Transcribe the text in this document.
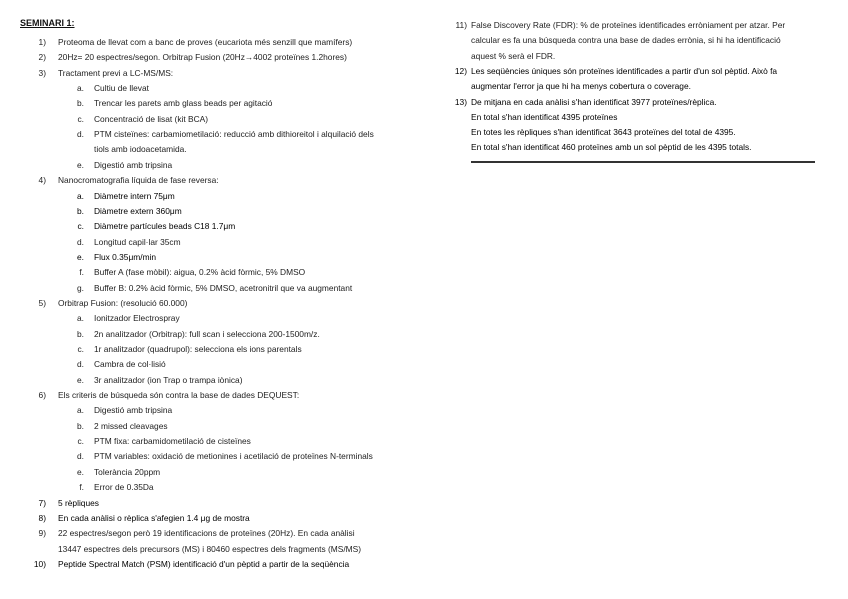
SEMINARI 1:
1) Proteoma de llevat com a banc de proves (eucariota més senzill que mamífers)
2) 20Hz= 20 espectres/segon. Orbitrap Fusion (20Hz→4002 proteïnes 1.2hores)
3) Tractament previ a LC-MS/MS:
a. Cultiu de llevat
b. Trencar les parets amb glass beads per agitació
c. Concentració de lisat (kit BCA)
d. PTM cisteïnes: carbamiometilació: reducció amb dithioreitol i alquilació dels
tiols amb iodoacetamida.
e. Digestió amb tripsina
4) Nanocromatografia líquida de fase reversa:
a. Diàmetre intern 75μm
b. Diàmetre extern 360μm
c. Diàmetre partícules beads C18 1.7μm
d. Longitud capil·lar 35cm
e. Flux 0.35μm/min
f. Buffer A (fase mòbil): aigua, 0.2% àcid fòrmic, 5% DMSO
g. Buffer B: 0.2% àcid fòrmic, 5% DMSO, acetronitril que va augmentant
5) Orbitrap Fusion: (resolució 60.000)
a. Ionitzador Electrospray
b. 2n analitzador (Orbitrap): full scan i selecciona 200-1500m/z.
c. 1r analitzador (quadrupol): selecciona els ions parentals
d. Cambra de col·lisió
e. 3r analitzador (ion Trap o trampa iònica)
6) Els criteris de búsqueda són contra la base de dades DEQUEST:
a. Digestió amb tripsina
b. 2 missed cleavages
c. PTM fixa: carbamidometilació de cisteïnes
d. PTM variables: oxidació de metionines i acetilació de proteïnes N-terminals
e. Tolerància 20ppm
f. Error de 0.35Da
7) 5 rèpliques
8) En cada anàlisi o rèplica s'afegien 1.4 μg de mostra
9) 22 espectres/segon però 19 identificacions de proteïnes (20Hz). En cada anàlisi
13447 espectres dels precursors (MS) i 80460 espectres dels fragments (MS/MS)
10) Peptide Spectral Match (PSM) identificació d'un pèptid a partir de la seqüència
11) False Discovery Rate (FDR): % de proteïnes identificades erròniament per atzar. Per
calcular es fa una búsqueda contra una base de dades errònia, si hi ha identificació
aquest % serà el FDR.
12) Les seqüències úniques són proteïnes identificades a partir d'un sol pèptid. Això fa
augmentar l'error ja que hi ha menys cobertura o coverage.
13) De mitjana en cada anàlisi s'han identificat 3977 proteïnes/rèplica.
En total s'han identificat 4395 proteïnes
En totes les rèpliques s'han identificat 3643 proteïnes del total de 4395.
En total s'han identificat 460 proteïnes amb un sol pèptid de les 4395 totals.
